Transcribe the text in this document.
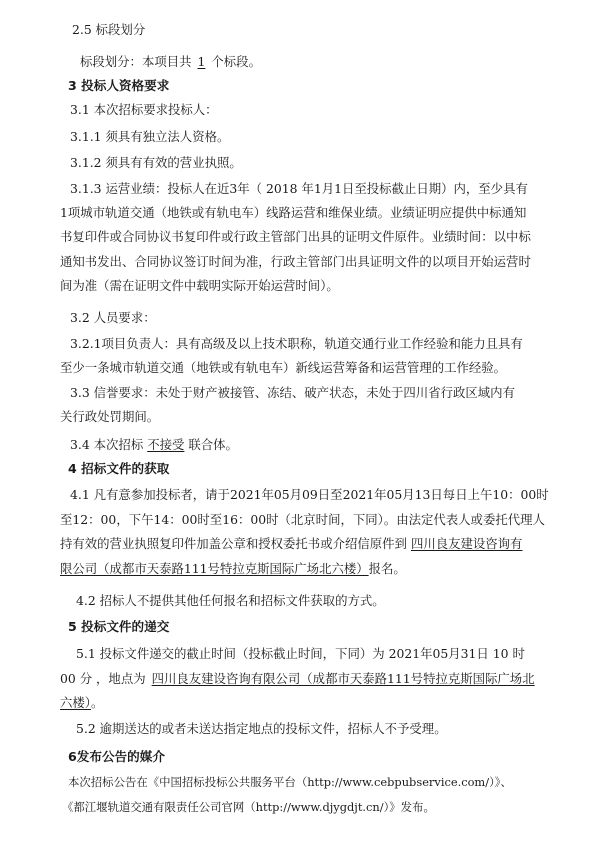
2.5 标段划分
标段划分：本项目共 1 个标段。
3 投标人资格要求
3.1 本次招标要求投标人：
3.1.1 须具有独立法人资格。
3.1.2 须具有有效的营业执照。
3.1.3 运营业绩：投标人在近3年（ 2018 年1月1日至投标截止日期）内，至少具有
1项城市轨道交通（地铁或有轨电车）线路运营和维保业绩。业绩证明应提供中标通知
书复印件或合同协议书复印件或行政主管部门出具的证明文件原件。业绩时间：以中标
通知书发出、合同协议签订时间为准，行政主管部门出具证明文件的以项目开始运营时
间为准（需在证明文件中载明实际开始运营时间）。
3.2 人员要求：
3.2.1项目负责人：具有高级及以上技术职称，轨道交通行业工作经验和能力且具有
至少一条城市轨道交通（地铁或有轨电车）新线运营筹备和运营管理的工作经验。
3.3 信誉要求：未处于财产被接管、冻结、破产状态，未处于四川省行政区域内有
关行政处罚期间。
3.4 本次招标 不接受 联合体。
4 招标文件的获取
4.1 凡有意参加投标者，请于2021年05月09日至2021年05月13日每日上午10：00时
至12：00，下午14：00时至16：00时（北京时间，下同）。由法定代表人或委托代理人
持有效的营业执照复印件加盖公章和授权委托书或介绍信原件到 四川良友建设咨询有
限公司（成都市天泰路111号特拉克斯国际广场北六楼）报名。
4.2 招标人不提供其他任何报名和招标文件获取的方式。
5 投标文件的递交
5.1 投标文件递交的截止时间（投标截止时间，下同）为 2021年05月31日 10 时
00 分 ，地点为 四川良友建设咨询有限公司（成都市天泰路111号特拉克斯国际广场北
六楼）。
5.2 逾期送达的或者未送达指定地点的投标文件，招标人不予受理。
6发布公告的媒介
本次招标公告在《中国招标投标公共服务平台（http://www.cebpubservice.com/）》、
《都江堰轨道交通有限责任公司官网（http://www.djygdjt.cn/）》发布。
